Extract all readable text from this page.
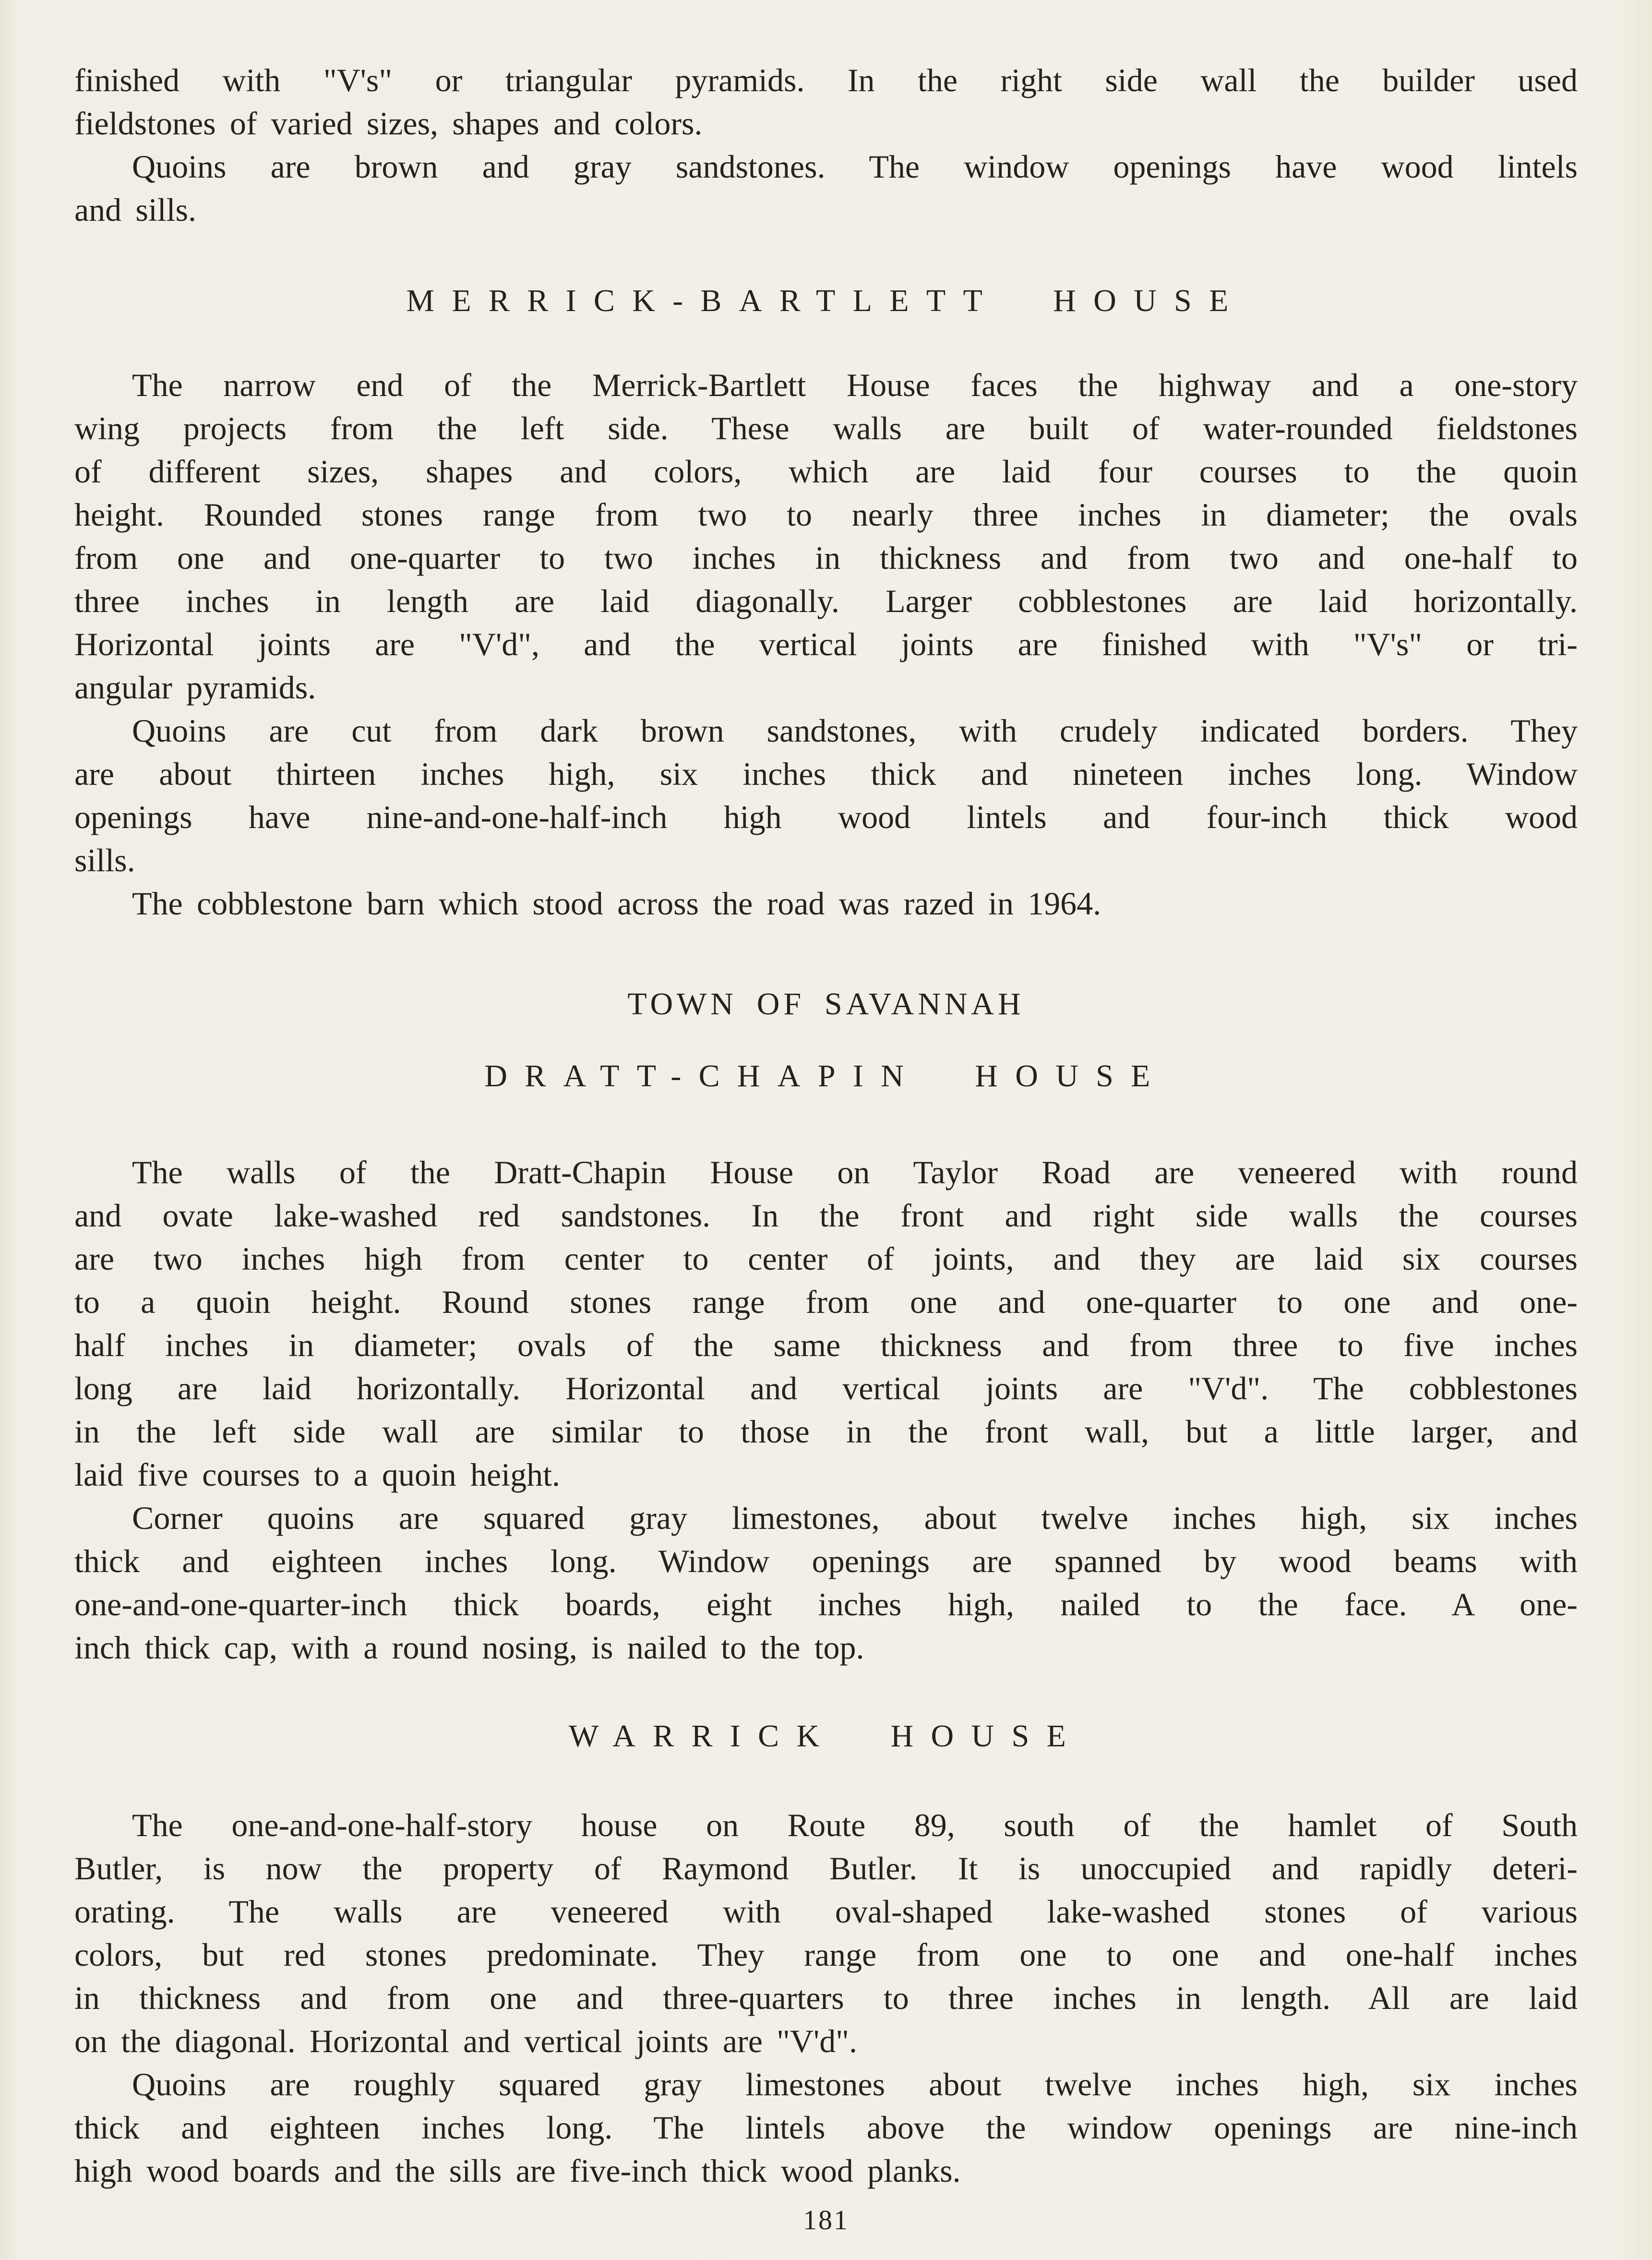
finished with "V's" or triangular pyramids. In the right side wall the builder used
fieldstones of varied sizes, shapes and colors.

Quoins are brown and gray sandstones. The window openings have wood lintels
and sills.

MERRICK-BARTLETT HOUSE

The narrow end of the Merrick-Bartlett House faces the highway and a one-story
wing projects from the left side. These walls are built of water-rounded fieldstones
of different sizes, shapes and colors, which are laid four courses to the quoin
height. Rounded stones range from two to nearly three inches in diameter; the ovals
from one and one-quarter to two inches in thickness and from two and one-half to
three inches in length are laid diagonally. Larger cobblestones are laid horizontally.
Horizontal joints are "V'd", and the vertical joints are finished with "V's" or tri-
angular pyramids.

Quoins are cut from dark brown sandstones, with crudely indicated borders. They
are about thirteen inches high, six inches thick and nineteen inches long. Window
openings have nine-and-one-half-inch high wood lintels and four-inch thick wood
sills.

The cobblestone barn which stood across the road was razed in 1964.

TOWN OF SAVANNAH
DRATT-CHAPIN HOUSE

The walls of the Dratt-Chapin House on Taylor Road are veneered with round
and ovate lake-washed red sandstones. In the front and right side walls the courses
are two inches high from center to center of joints, and they are laid six courses
to a quoin height. Round stones range from one and one-quarter to one and one-
half inches in diameter; ovals of the same thickness and from three to five inches
long are laid horizontally. Horizontal and vertical joints are "V'd". The cobblestones
in the left side wall are similar to those in the front wall, but a little larger, and
laid five courses to a quoin height.

Corner quoins are squared gray limestones, about twelve inches high, six inches
thick and eighteen inches long. Window openings are spanned by wood beams with
one-and-one-quarter-inch thick boards, eight inches high, nailed to the face. A one-
inch thick cap, with a round nosing, is nailed to the top.

WARRICK HOUSE

The one-and-one-half-story house on Route 89, south of the hamlet of South
Butler, is now the property of Raymond Butler. It is unoccupied and rapidly deteri-
orating. The walls are veneered with oval-shaped lake-washed stones of various
colors, but red stones predominate. They range from one to one and one-half inches
in thickness and from one and three-quarters to three inches in length. All are laid
on the diagonal. Horizontal and vertical joints are "V'd".

Quoins are roughly squared gray limestones about twelve inches high, six inches
thick and eighteen inches long. The lintels above the window openings are nine-inch
high wood boards and the sills are five-inch thick wood planks.

181
